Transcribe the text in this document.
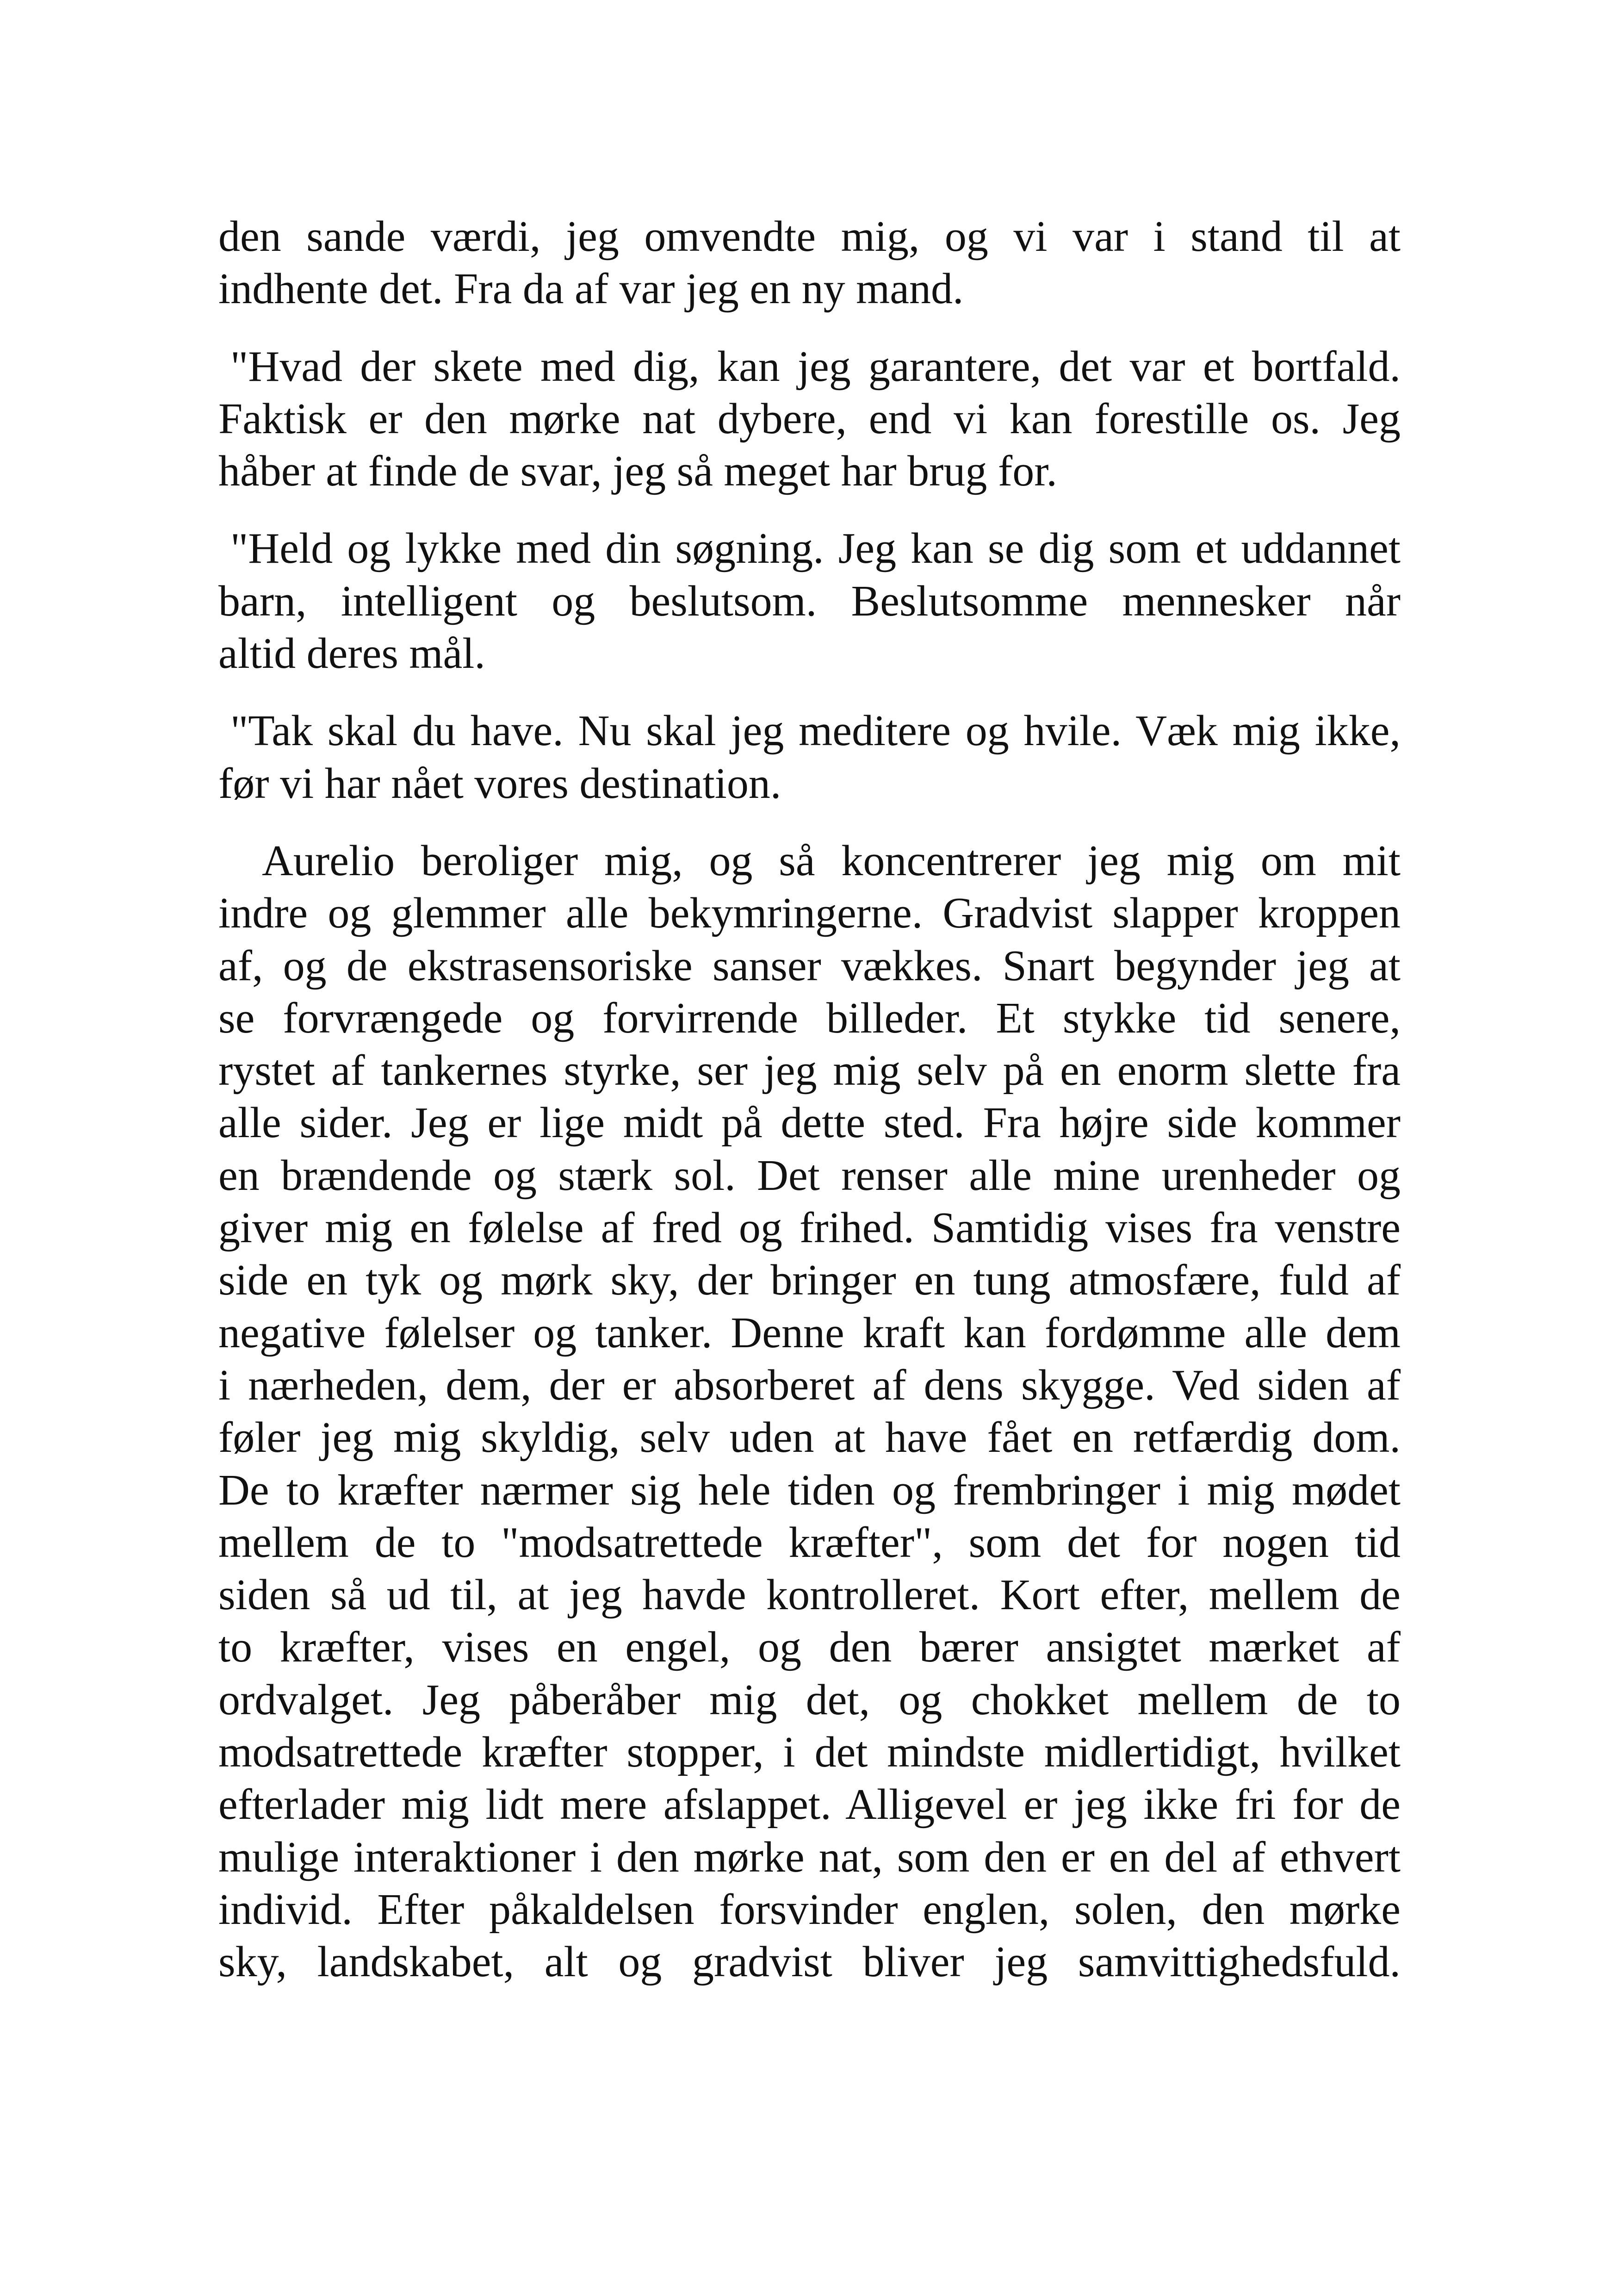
den sande værdi, jeg omvendte mig, og vi var i stand til at
indhente det. Fra da af var jeg en ny mand.

"Hvad der skete med dig, kan jeg garantere, det var et bortfald.
Faktisk er den mørke nat dybere, end vi kan forestille os. Jeg
håber at finde de svar, jeg så meget har brug for.

"Held og lykke med din søgning. Jeg kan se dig som et uddannet
barn, intelligent og beslutsom. Beslutsomme mennesker når
altid deres mål.

"Tak skal du have. Nu skal jeg meditere og hvile. Væk mig ikke,
før vi har nået vores destination.

Aurelio beroliger mig, og så koncentrerer jeg mig om mit
indre og glemmer alle bekymringerne. Gradvist slapper kroppen
af, og de ekstrasensoriske sanser vækkes. Snart begynder jeg at
se forvrængede og forvirrende billeder. Et stykke tid senere,
rystet af tankernes styrke, ser jeg mig selv på en enorm slette fra
alle sider. Jeg er lige midt på dette sted. Fra højre side kommer
en brændende og stærk sol. Det renser alle mine urenheder og
giver mig en følelse af fred og frihed. Samtidig vises fra venstre
side en tyk og mørk sky, der bringer en tung atmosfære, fuld af
negative følelser og tanker. Denne kraft kan fordømme alle dem
i nærheden, dem, der er absorberet af dens skygge. Ved siden af
føler jeg mig skyldig, selv uden at have fået en retfærdig dom.
De to kræfter nærmer sig hele tiden og frembringer i mig mødet
mellem de to "modsatrettede kræfter", som det for nogen tid
siden så ud til, at jeg havde kontrolleret. Kort efter, mellem de
to kræfter, vises en engel, og den bærer ansigtet mærket af
ordvalget. Jeg påberåber mig det, og chokket mellem de to
modsatrettede kræfter stopper, i det mindste midlertidigt, hvilket
efterlader mig lidt mere afslappet. Alligevel er jeg ikke fri for de
mulige interaktioner i den mørke nat, som den er en del af ethvert
individ. Efter påkaldelsen forsvinder englen, solen, den mørke
sky, landskabet, alt og gradvist bliver jeg samvittighedsfuld.
